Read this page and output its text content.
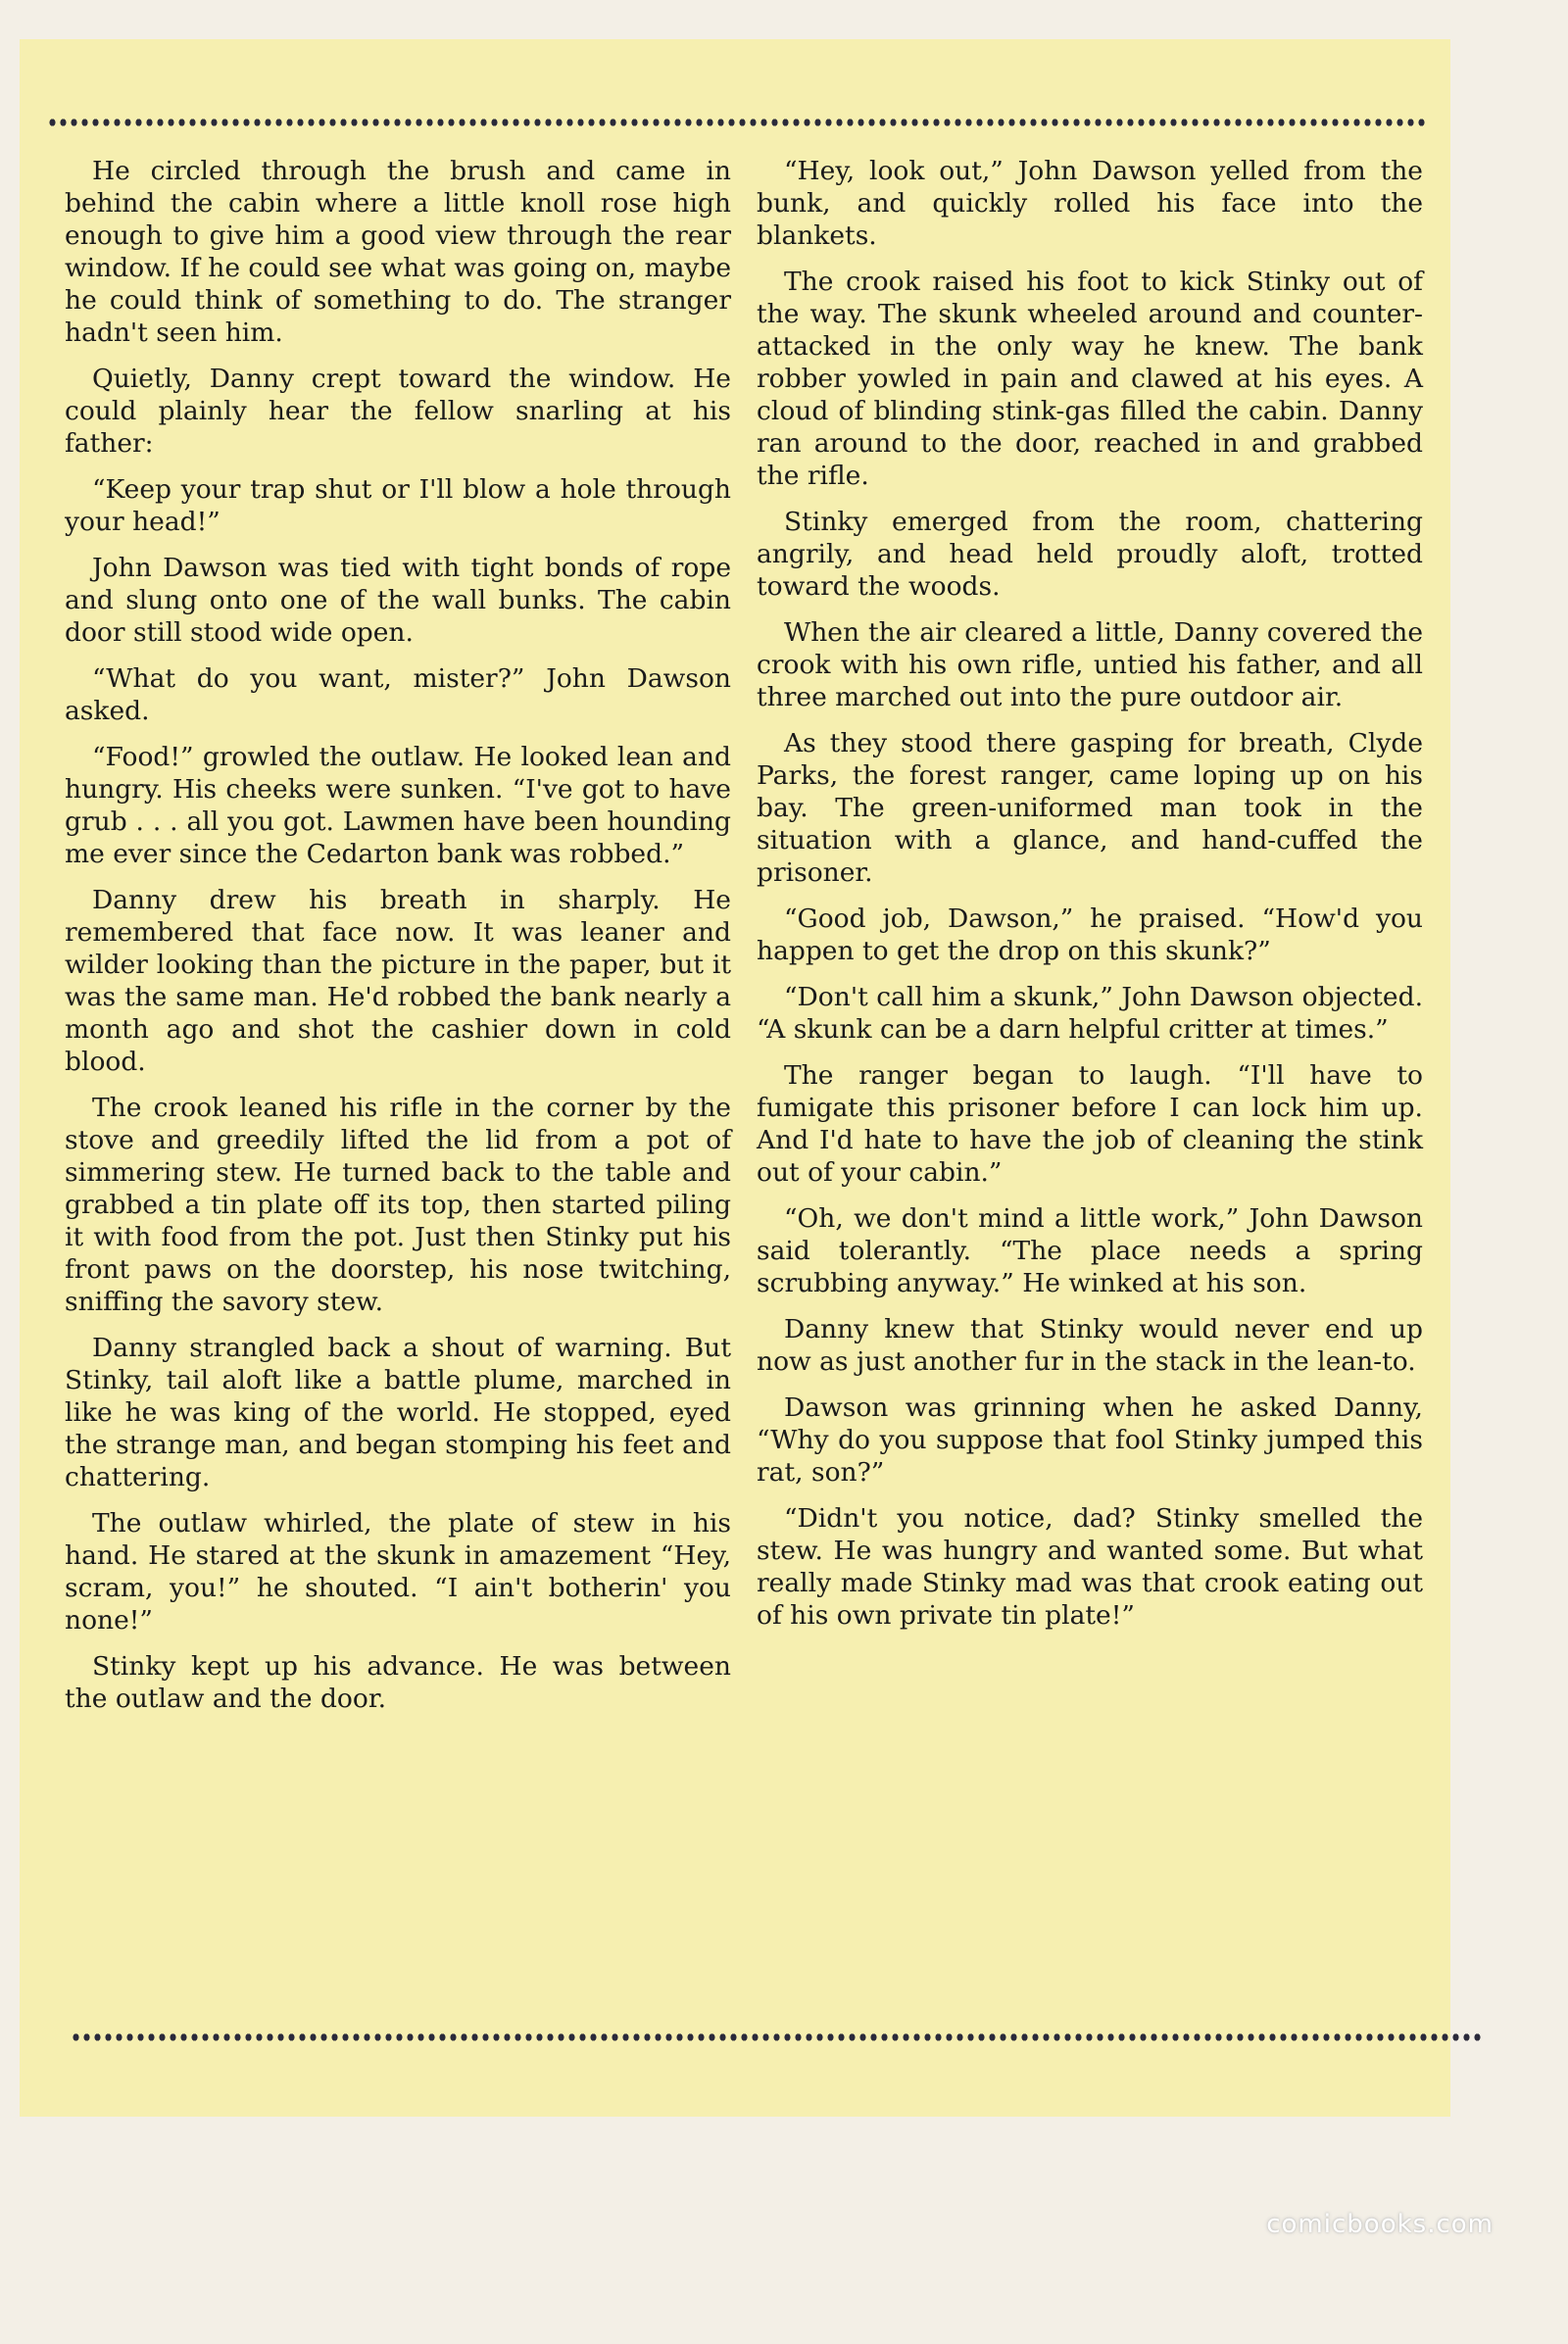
He circled through the brush and came in behind the cabin where a little knoll rose high enough to give him a good view through the rear window. If he could see what was going on, maybe he could think of something to do. The stranger hadn't seen him.

Quietly, Danny crept toward the window. He could plainly hear the fellow snarling at his father:

“Keep your trap shut or I'll blow a hole through your head!”

John Dawson was tied with tight bonds of rope and slung onto one of the wall bunks. The cabin door still stood wide open.

“What do you want, mister?” John Dawson asked.

“Food!” growled the outlaw. He looked lean and hungry. His cheeks were sunken. “I've got to have grub . . . all you got. Lawmen have been hounding me ever since the Cedarton bank was robbed.”

Danny drew his breath in sharply. He remembered that face now. It was leaner and wilder looking than the picture in the paper, but it was the same man. He'd robbed the bank nearly a month ago and shot the cashier down in cold blood.

The crook leaned his rifle in the corner by the stove and greedily lifted the lid from a pot of simmering stew. He turned back to the table and grabbed a tin plate off its top, then started piling it with food from the pot. Just then Stinky put his front paws on the doorstep, his nose twitching, sniffing the savory stew.

Danny strangled back a shout of warning. But Stinky, tail aloft like a battle plume, marched in like he was king of the world. He stopped, eyed the strange man, and began stomping his feet and chattering.

The outlaw whirled, the plate of stew in his hand. He stared at the skunk in amazement “Hey, scram, you!” he shouted. “I ain't botherin' you none!”

Stinky kept up his advance. He was between the outlaw and the door.

“Hey, look out,” John Dawson yelled from the bunk, and quickly rolled his face into the blankets.

The crook raised his foot to kick Stinky out of the way. The skunk wheeled around and counter-attacked in the only way he knew. The bank robber yowled in pain and clawed at his eyes. A cloud of blinding stink-gas filled the cabin. Danny ran around to the door, reached in and grabbed the rifle.

Stinky emerged from the room, chattering angrily, and head held proudly aloft, trotted toward the woods.

When the air cleared a little, Danny covered the crook with his own rifle, untied his father, and all three marched out into the pure outdoor air.

As they stood there gasping for breath, Clyde Parks, the forest ranger, came loping up on his bay. The green-uniformed man took in the situation with a glance, and hand-cuffed the prisoner.

“Good job, Dawson,” he praised. “How'd you happen to get the drop on this skunk?”

“Don't call him a skunk,” John Dawson objected. “A skunk can be a darn helpful critter at times.”

The ranger began to laugh. “I'll have to fumigate this prisoner before I can lock him up. And I'd hate to have the job of cleaning the stink out of your cabin.”

“Oh, we don't mind a little work,” John Dawson said tolerantly. “The place needs a spring scrubbing anyway.” He winked at his son.

Danny knew that Stinky would never end up now as just another fur in the stack in the lean-to.

Dawson was grinning when he asked Danny, “Why do you suppose that fool Stinky jumped this rat, son?”

“Didn't you notice, dad? Stinky smelled the stew. He was hungry and wanted some. But what really made Stinky mad was that crook eating out of his own private tin plate!”

comicbooks.com
